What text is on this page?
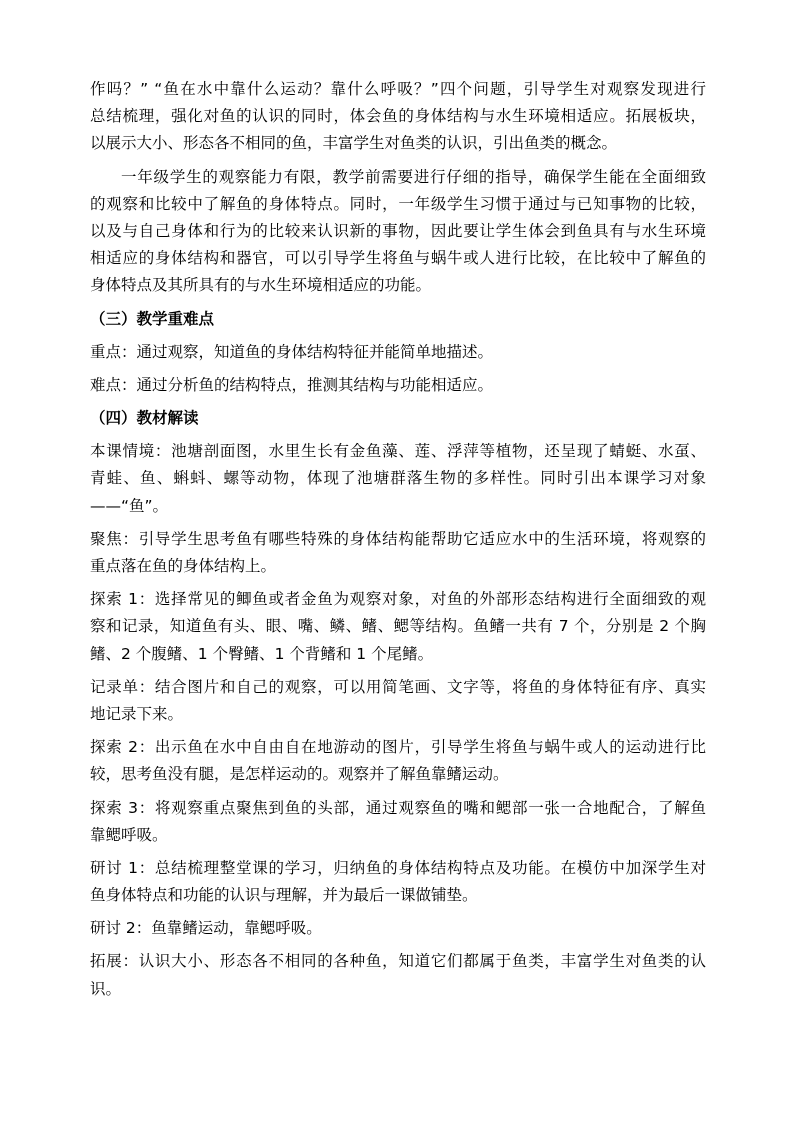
作吗？” “鱼在水中靠什么运动？靠什么呼吸？”四个问题，引导学生对观察发现进行
总结梳理，强化对鱼的认识的同时，体会鱼的身体结构与水生环境相适应。拓展板块，
以展示大小、形态各不相同的鱼，丰富学生对鱼类的认识，引出鱼类的概念。
一年级学生的观察能力有限，教学前需要进行仔细的指导，确保学生能在全面细致
的观察和比较中了解鱼的身体特点。同时，一年级学生习惯于通过与已知事物的比较，
以及与自己身体和行为的比较来认识新的事物，因此要让学生体会到鱼具有与水生环境
相适应的身体结构和器官，可以引导学生将鱼与蜗牛或人进行比较，在比较中了解鱼的
身体特点及其所具有的与水生环境相适应的功能。
（三）教学重难点
重点：通过观察，知道鱼的身体结构特征并能简单地描述。
难点：通过分析鱼的结构特点，推测其结构与功能相适应。
（四）教材解读
本课情境：池塘剖面图，水里生长有金鱼藻、莲、浮萍等植物，还呈现了蜻蜓、水虿、
青蛙、鱼、蝌蚪、螺等动物，体现了池塘群落生物的多样性。同时引出本课学习对象
——“鱼”。
聚焦：引导学生思考鱼有哪些特殊的身体结构能帮助它适应水中的生活环境，将观察的
重点落在鱼的身体结构上。
探索 1：选择常见的鲫鱼或者金鱼为观察对象，对鱼的外部形态结构进行全面细致的观
察和记录，知道鱼有头、眼、嘴、鳞、鳍、鳃等结构。鱼鳍一共有 7 个，分别是 2 个胸
鳍、2 个腹鳍、1 个臀鳍、1 个背鳍和 1 个尾鳍。
记录单：结合图片和自己的观察，可以用简笔画、文字等，将鱼的身体特征有序、真实
地记录下来。
探索 2：出示鱼在水中自由自在地游动的图片，引导学生将鱼与蜗牛或人的运动进行比
较，思考鱼没有腿，是怎样运动的。观察并了解鱼靠鳍运动。
探索 3：将观察重点聚焦到鱼的头部，通过观察鱼的嘴和鳃部一张一合地配合，了解鱼
靠鳃呼吸。
研讨 1：总结梳理整堂课的学习，归纳鱼的身体结构特点及功能。在模仿中加深学生对
鱼身体特点和功能的认识与理解，并为最后一课做铺垫。
研讨 2：鱼靠鳍运动，靠鳃呼吸。
拓展：认识大小、形态各不相同的各种鱼，知道它们都属于鱼类，丰富学生对鱼类的认
识。
